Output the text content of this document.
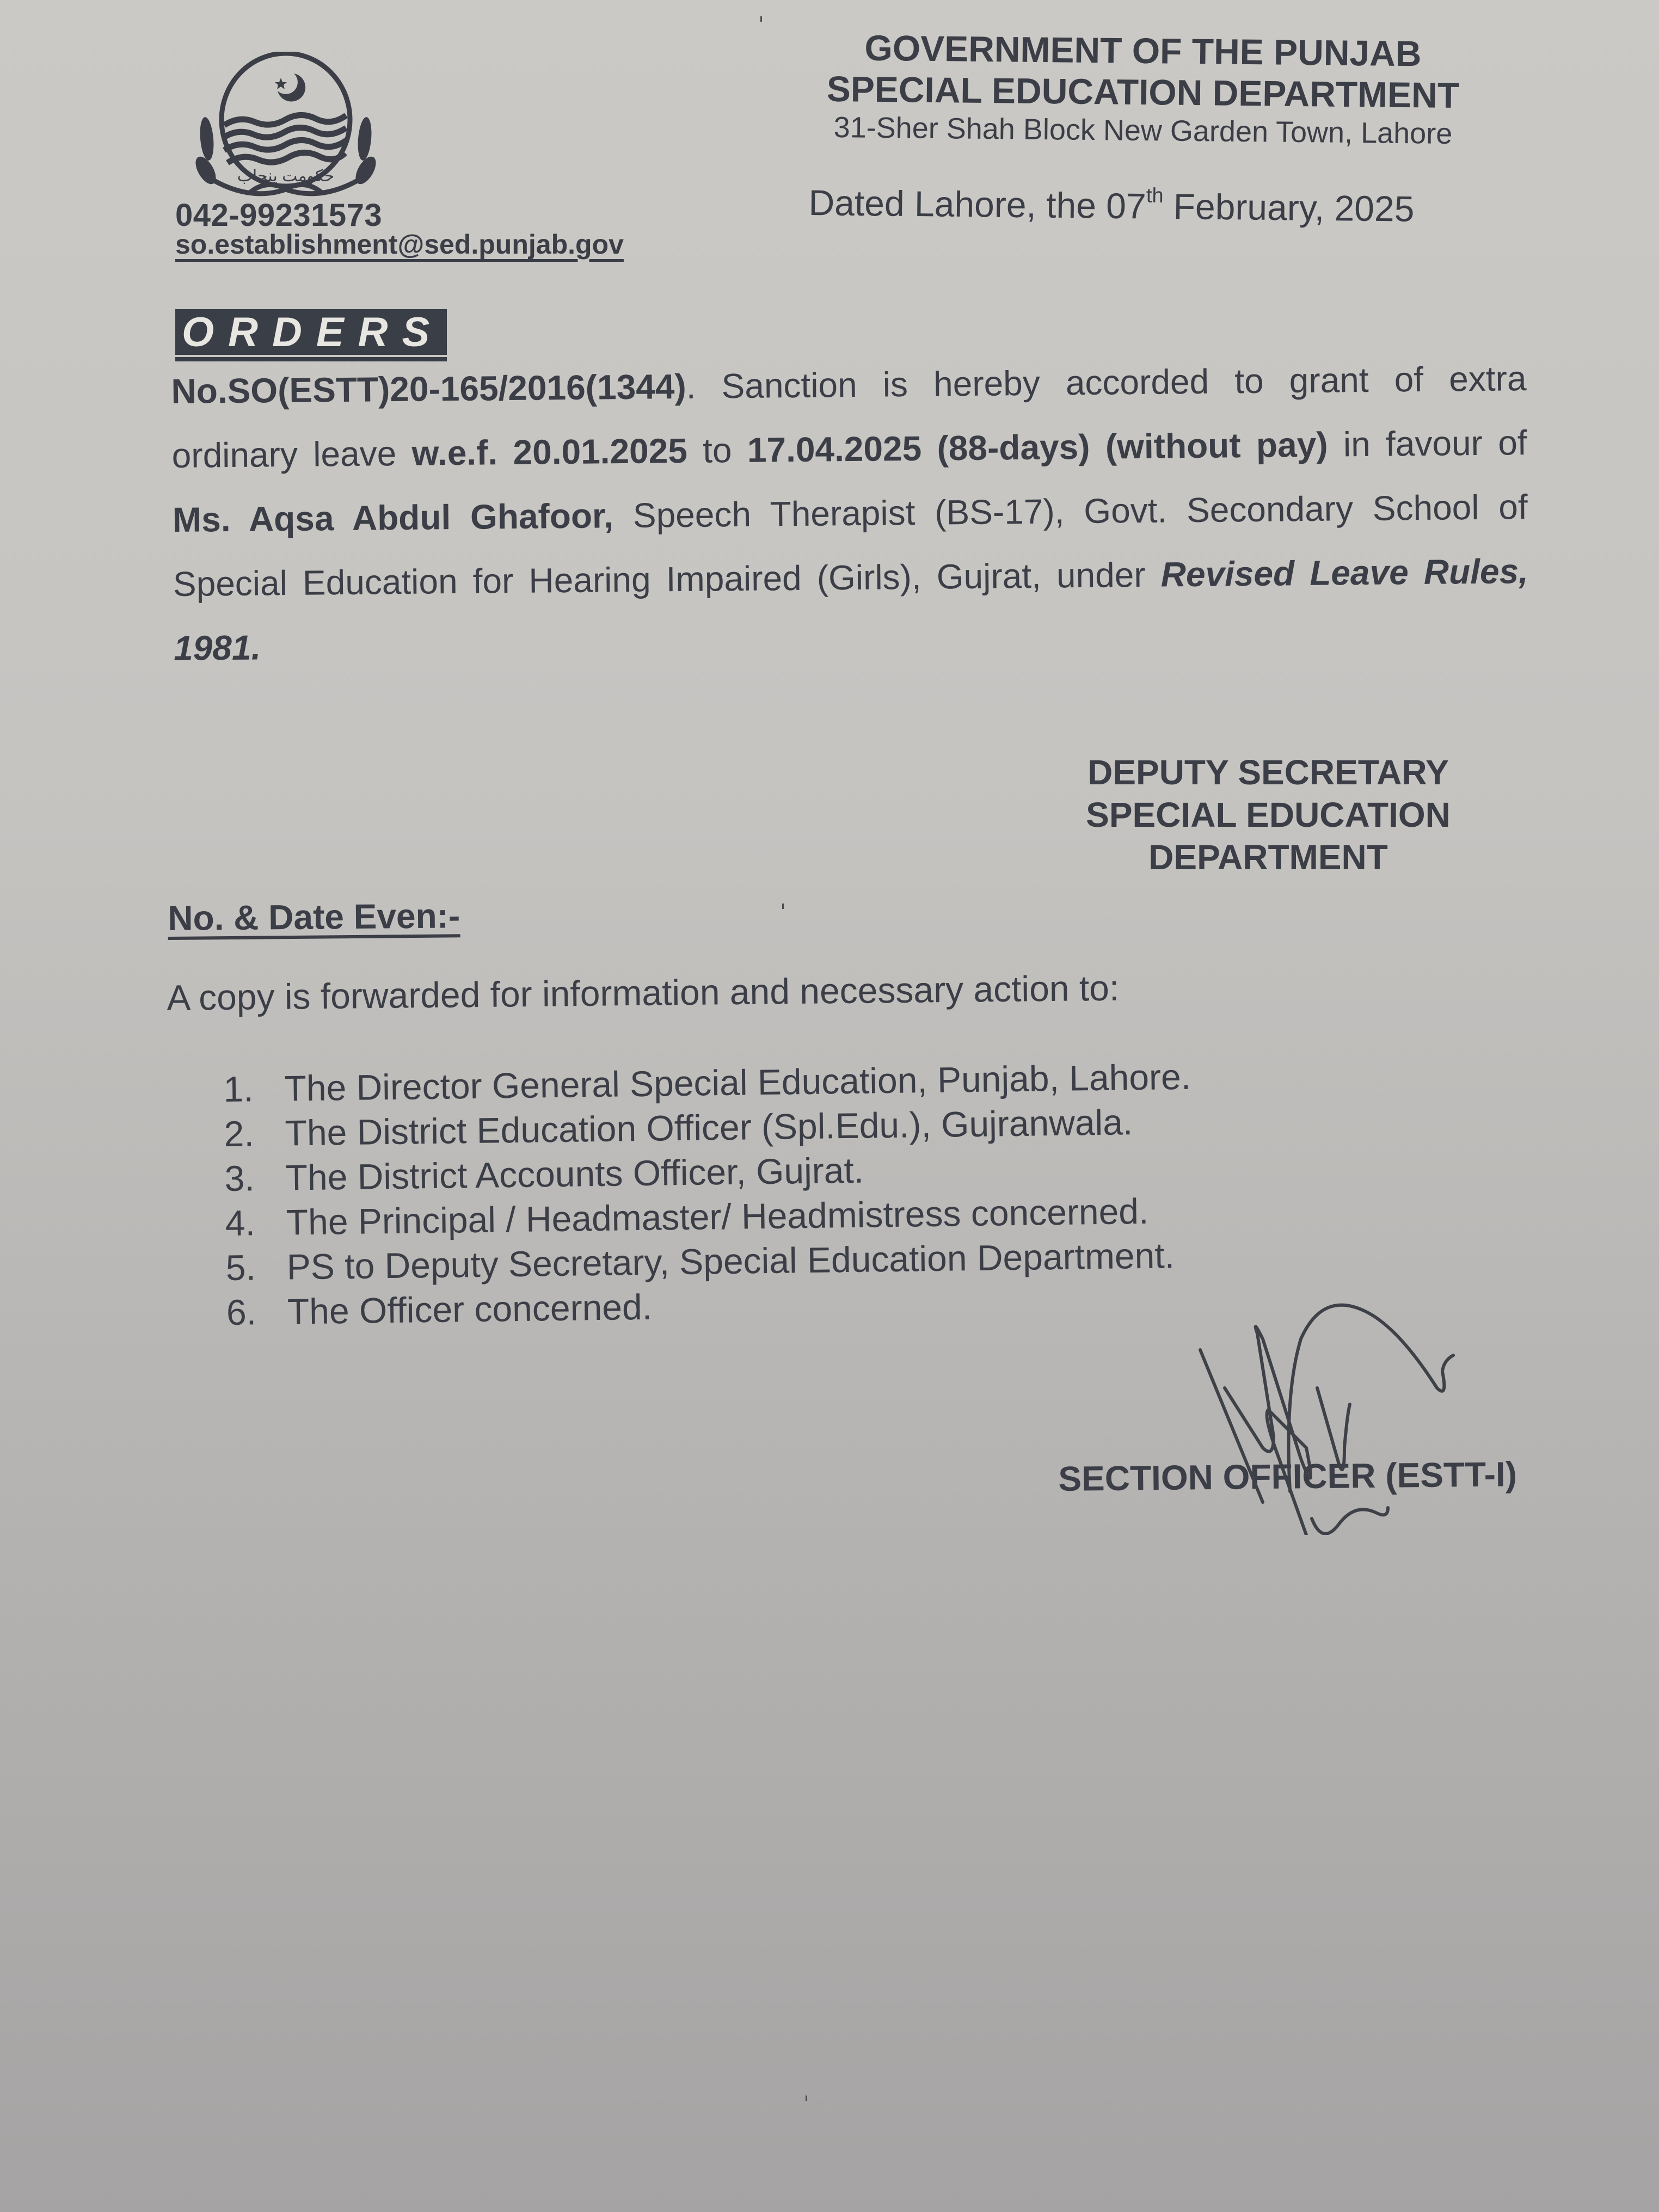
حکومت پنجاب
042-99231573
so.establishment@sed.punjab.gov
GOVERNMENT OF THE PUNJAB
SPECIAL EDUCATION DEPARTMENT
31-Sher Shah Block New Garden Town, Lahore
Dated Lahore, the 07th February, 2025
ORDERS
No.SO(ESTT)20-165/2016(1344). Sanction is hereby accorded to grant of extra ordinary leave w.e.f. 20.01.2025 to 17.04.2025 (88-days) (without pay) in favour of Ms. Aqsa Abdul Ghafoor, Speech Therapist (BS-17), Govt. Secondary School of Special Education for Hearing Impaired (Girls), Gujrat, under Revised Leave Rules, 1981.
DEPUTY SECRETARY
SPECIAL EDUCATION
DEPARTMENT
No. & Date Even:-
A copy is forwarded for information and necessary action to:
1. The Director General Special Education, Punjab, Lahore.
2. The District Education Officer (Spl.Edu.), Gujranwala.
3. The District Accounts Officer, Gujrat.
4. The Principal / Headmaster/ Headmistress concerned.
5. PS to Deputy Secretary, Special Education Department.
6. The Officer concerned.
SECTION OFFICER (ESTT-I)
